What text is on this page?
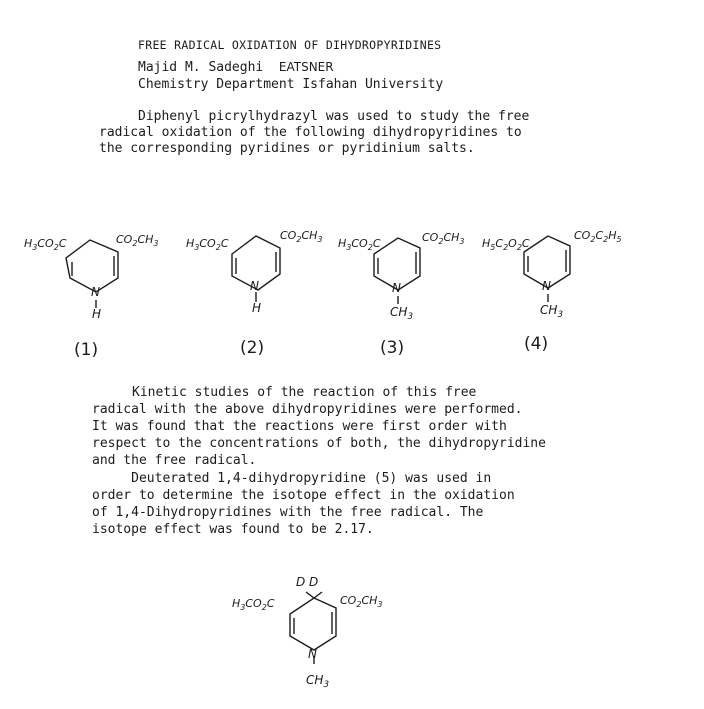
FREE RADICAL OXIDATION OF DIHYDROPYRIDINES
Majid M. Sadeghi EATSNER
Chemistry Department Isfahan University
Diphenyl picrylhydrazyl was used to study the free
radical oxidation of the following dihydropyridines to
the corresponding pyridines or pyridinium salts.
$H_3CO_2C$	$CO_2CH_3$
N
H
$H_3CO_2C$
$CO_2CH_3$
N
H
$H_3CO_2C$	$CO_2CH_3$
N
$CH_3$
$H_5C_2O_2C$
$CO_2C_2H_5$
N
$CH_3$
D D
$H_3CO_2C$	$CO_2CH_3$
N
$CH_3$
(1)	(2)	(3)	(4)
Kinetic studies of the reaction of this free
radical with the above dihydropyridines were performed.
It was found that the reactions were first order with
respect to the concentrations of both, the dihydropyridine
and the free radical.
Deuterated 1,4-dihydropyridine (5) was used in
order to determine the isotope effect in the oxidation
of 1,4-Dihydropyridines with the free radical. The
isotope effect was found to be 2.17.
